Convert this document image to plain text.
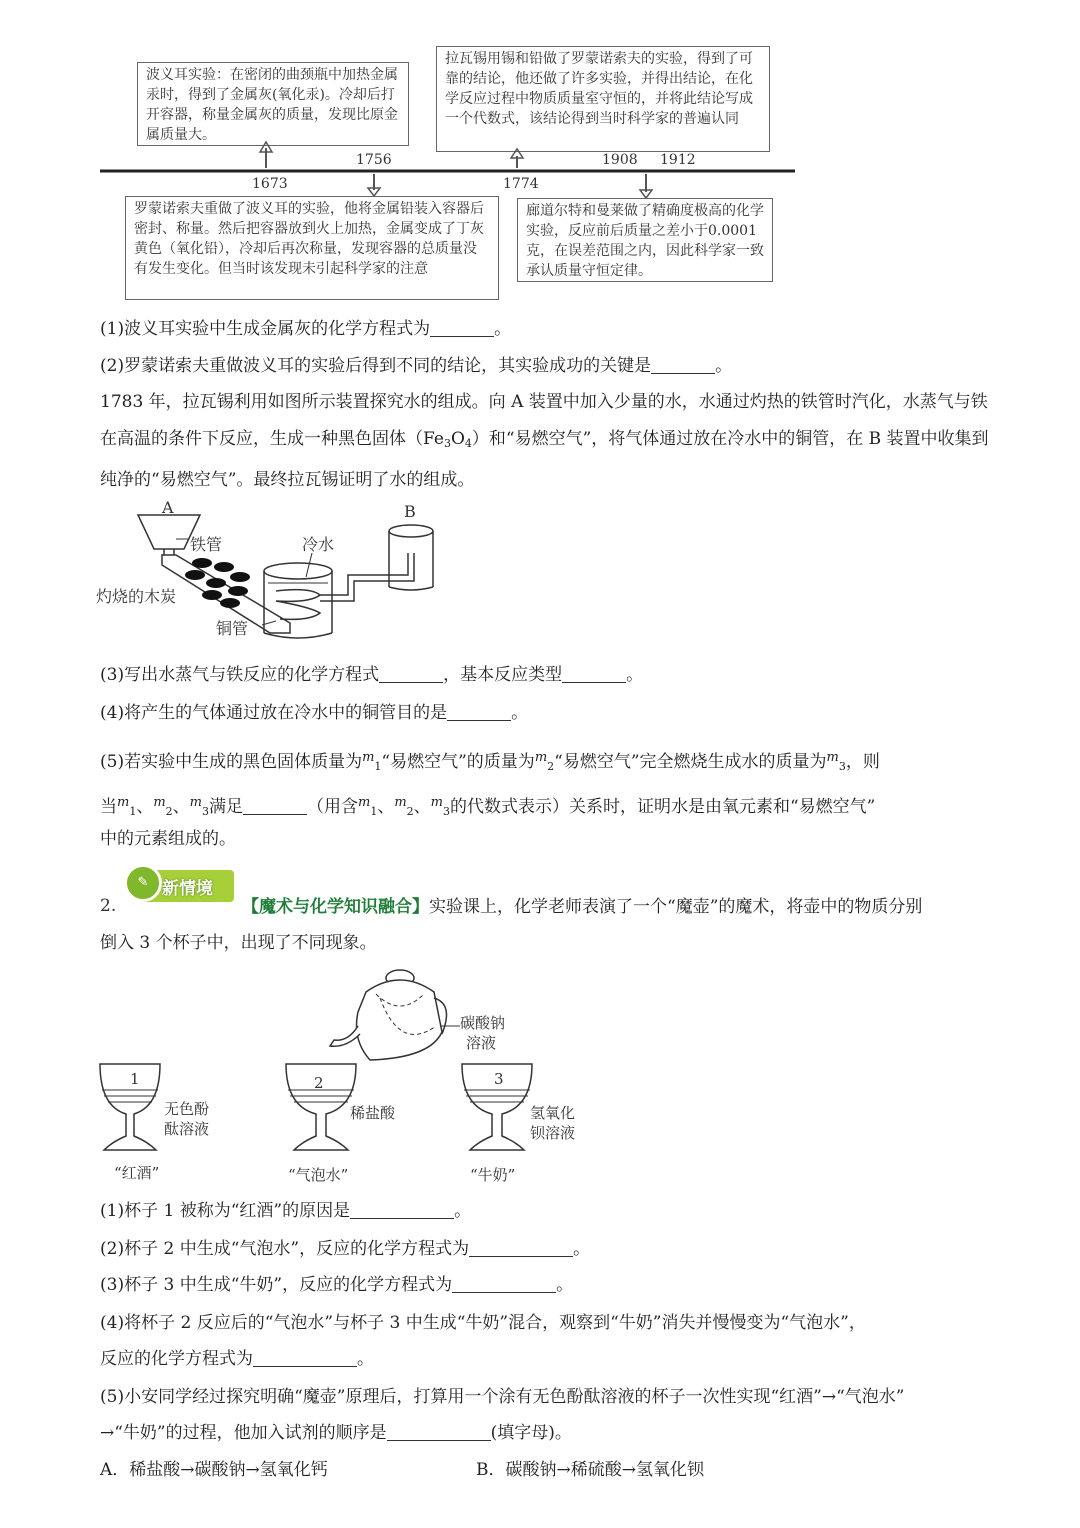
波义耳实验：在密闭的曲颈瓶中加热金属汞时，得到了金属灰(氧化汞)。冷却后打开容器，称量金属灰的质量，发现比原金属质量大。
拉瓦锡用锡和铅做了罗蒙诺索夫的实验，得到了可靠的结论，他还做了许多实验，并得出结论，在化学反应过程中物质质量室守恒的，并将此结论写成一个代数式，该结论得到当时科学家的普遍认同
罗蒙诺索夫重做了波义耳的实验，他将金属铅装入容器后密封、称量。然后把容器放到火上加热，金属变成了丁灰黄色（氧化铅），冷却后再次称量，发现容器的总质量没有发生变化。但当时该发现未引起科学家的注意
廊道尔特和曼莱做了精确度极高的化学实验，反应前后质量之差小于0.0001克，在误差范围之内，因此科学家一致承认质量守恒定律。
1673
1756
1774
1908 1912
(1)波义耳实验中生成金属灰的化学方程式为	。
(2)罗蒙诺索夫重做波义耳的实验后得到不同的结论，其实验成功的关键是	。
1783 年，拉瓦锡利用如图所示装置探究水的组成。向 A 装置中加入少量的水，水通过灼热的铁管时汽化，水蒸气与铁在高温的条件下反应，生成一种黑色固体$(Fe_3O_4)$和“易燃空气”，将气体通过放在冷水中的铜管，在 B 装置中收集到纯净的“易燃空气”。最终拉瓦锡证明了水的组成。
A	B
铁管	冷水
灼烧的木炭
铜管
(3)写出水蒸气与铁反应的化学方程式	，基本反应类型	。
(4)将产生的气体通过放在冷水中的铜管目的是	。
(5)若实验中生成的黑色固体质量为$^m_1$“易燃空气”的质量为$^m_2$“易燃空气”完全燃烧生成水的质量为$^m_3$，则
当$^m_1$、$^m_2$、$^m_3$满足	（用含$^m_1$、$^m_2$、$^m_3$的代数式表示）关系时，证明水是由氧元素和“易燃空气”
中的元素组成的。
2.
✎ 新情境
【魔术与化学知识融合】实验课上，化学老师表演了一个“魔壶”的魔术，将壶中的物质分别
倒入 3 个杯子中，出现了不同现象。
碳酸钠
溶液
1
无色酚
酞溶液
“红酒”
2
稀盐酸
“气泡水”
3
氢氧化
钡溶液
“牛奶”
(1)杯子 1 被称为“红酒”的原因是	。
(2)杯子 2 中生成“气泡水”，反应的化学方程式为	。
(3)杯子 3 中生成“牛奶”，反应的化学方程式为	。
(4)将杯子 2 反应后的“气泡水”与杯子 3 中生成“牛奶”混合，观察到“牛奶”消失并慢慢变为“气泡水”，
反应的化学方程式为	。
(5)小安同学经过探究明确“魔壶”原理后，打算用一个涂有无色酚酞溶液的杯子一次性实现“红酒”→“气泡水”
→“牛奶”的过程，他加入试剂的顺序是	(填字母)。
A．稀盐酸→碳酸钠→氢氧化钙	B．碳酸钠→稀硫酸→氢氧化钡
